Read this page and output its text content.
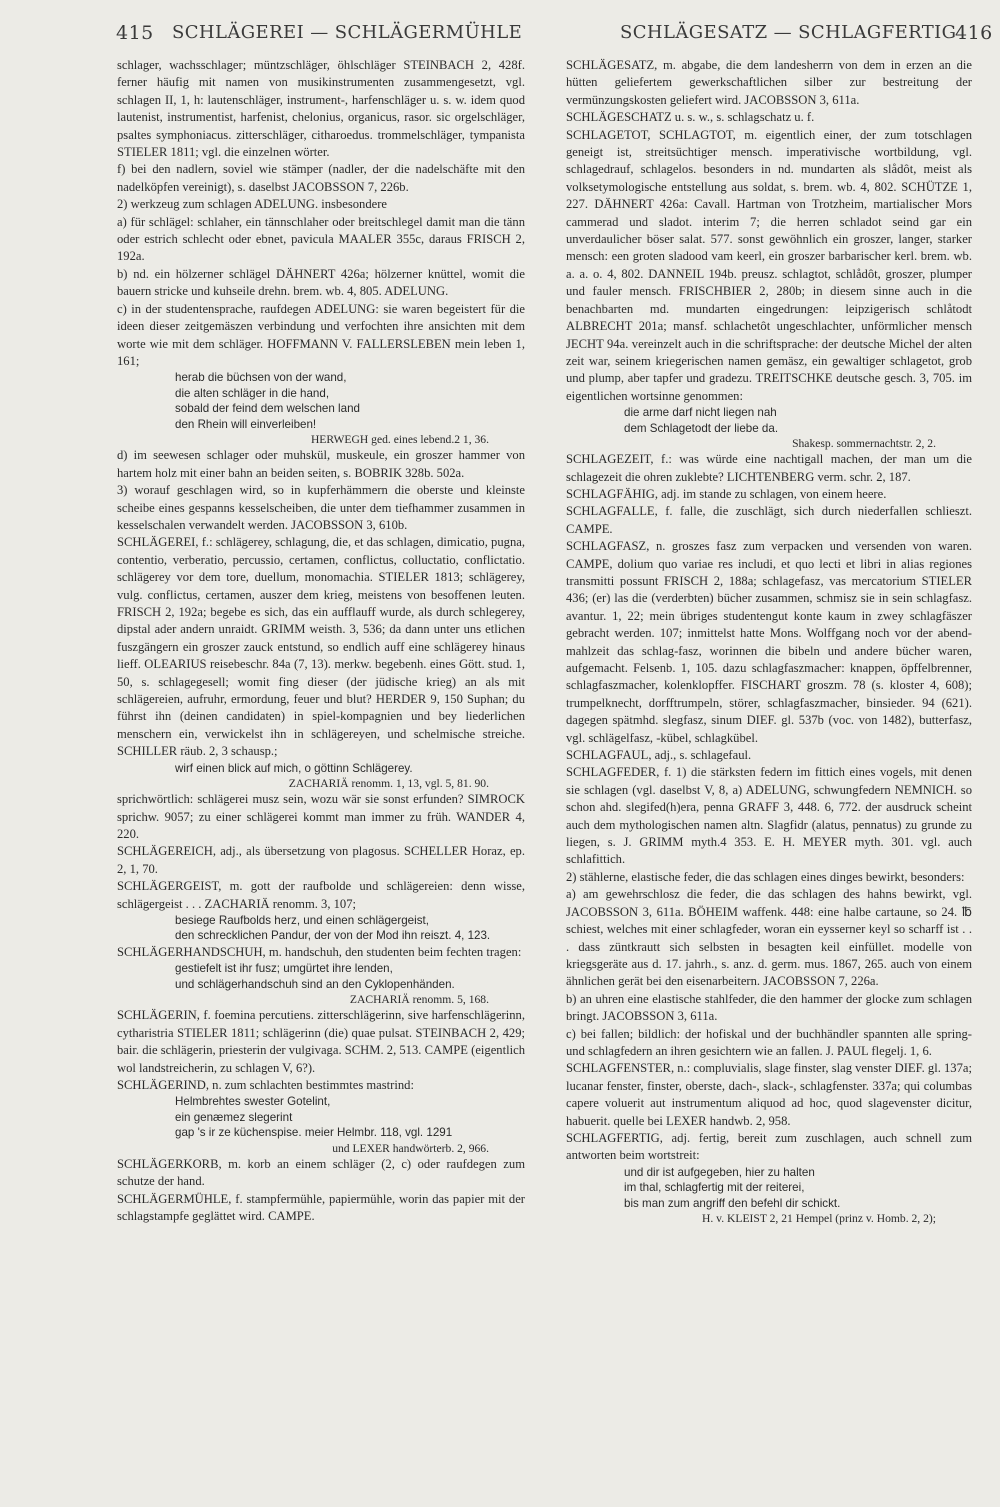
415 SCHLÄGEREI — SCHLÄGERMÜHLE	SCHLÄGESATZ — SCHLAGFERTIG
416

schlager, wachsschlager; müntzschläger, öhlschläger STEINBACH 2, 428f. ferner häufig mit namen von musikinstrumenten zusammengesetzt, vgl. schlagen II, 1, h: lautenschläger, instrument-, harfenschläger u. s. w. idem quod lautenist, instrumentist, harfenist, chelonius, organicus, rasor. sic orgelschläger, psaltes symphoniacus. zitterschläger, citharoedus. trommelschläger, tympanista STIELER 1811; vgl. die einzelnen wörter.

f) bei den nadlern, soviel wie stämper (nadler, der die nadelschäfte mit den nadelköpfen vereinigt), s. daselbst JACOBSSON 7, 226b.

2) werkzeug zum schlagen ADELUNG. insbesondere

a) für schlägel: schlaher, ein tännschlaher oder breitschlegel damit man die tänn oder estrich schlecht oder ebnet, pavicula MAALER 355c, daraus FRISCH 2, 192a.

b) nd. ein hölzerner schlägel DÄHNERT 426a; hölzerner knüttel, womit die bauern stricke und kuhseile drehn. brem. wb. 4, 805. ADELUNG.

c) in der studentensprache, raufdegen ADELUNG: sie waren begeistert für die ideen dieser zeitgemäszen verbindung und verfochten ihre ansichten mit dem worte wie mit dem schläger. HOFFMANN V. FALLERSLEBEN mein leben 1, 161;

herab die büchsen von der wand,

die alten schläger in die hand,

sobald der feind dem welschen land

den Rhein will einverleiben!

HERWEGH ged. eines lebend.2 1, 36.

d) im seewesen schlager oder muhskül, muskeule, ein groszer hammer von hartem holz mit einer bahn an beiden seiten, s. BOBRIK 328b. 502a.

3) worauf geschlagen wird, so in kupferhämmern die oberste und kleinste scheibe eines gespanns kesselscheiben, die unter dem tiefhammer zusammen in kesselschalen verwandelt werden. JACOBSSON 3, 610b.

SCHLÄGEREI, f.: schlägerey, schlagung, die, et das schlagen, dimicatio, pugna, contentio, verberatio, percussio, certamen, conflictus, colluctatio, conflictatio. schlägerey vor dem tore, duellum, monomachia. STIELER 1813; schlägerey, vulg. conflictus, certamen, auszer dem krieg, meistens von besoffenen leuten. FRISCH 2, 192a; begebe es sich, das ein aufflauff wurde, als durch schlegerey, dipstal ader andern unraidt. GRIMM weisth. 3, 536; da dann unter uns etlichen fuszgängern ein groszer zauck entstund, so endlich auff eine schlägerey hinaus lieff. OLEARIUS reisebeschr. 84a (7, 13). merkw. begebenh. eines Gött. stud. 1, 50, s. schlagegesell; womit fing dieser (der jüdische krieg) an als mit schlägereien, aufruhr, ermordung, feuer und blut? HERDER 9, 150 Suphan; du führst ihn (deinen candidaten) in spiel-kompagnien und bey liederlichen menschern ein, verwickelst ihn in schlägereyen, und schelmische streiche. SCHILLER räub. 2, 3 schausp.;

wirf einen blick auf mich, o göttinn Schlägerey.

ZACHARIÄ renomm. 1, 13, vgl. 5, 81. 90.

sprichwörtlich: schlägerei musz sein, wozu wär sie sonst erfunden? SIMROCK sprichw. 9057; zu einer schlägerei kommt man immer zu früh. WANDER 4, 220.

SCHLÄGEREICH, adj., als übersetzung von plagosus. SCHELLER Horaz, ep. 2, 1, 70.

SCHLÄGERGEIST, m. gott der raufbolde und schlägereien: denn wisse, schlägergeist . . . ZACHARIÄ renomm. 3, 107;

besiege Raufbolds herz, und einen schlägergeist,

den schrecklichen Pandur, der von der Mod ihn reiszt. 4, 123.

SCHLÄGERHANDSCHUH, m. handschuh, den studenten beim fechten tragen:

gestiefelt ist ihr fusz; umgürtet ihre lenden,

und schlägerhandschuh sind an den Cyklopenhänden.

ZACHARIÄ renomm. 5, 168.

SCHLÄGERIN, f. foemina percutiens. zitterschlägerinn, sive harfenschlägerinn, cytharistria STIELER 1811; schlägerinn (die) quae pulsat. STEINBACH 2, 429; bair. die schlägerin, priesterin der vulgivaga. SCHM. 2, 513. CAMPE (eigentlich wol landstreicherin, zu schlagen V, 6?).

SCHLÄGERIND, n. zum schlachten bestimmtes mastrind:

Helmbrehtes swester Gotelint,

ein genæmez slegerint

gap 's ir ze küchenspise. meier Helmbr. 118, vgl. 1291

und LEXER handwörterb. 2, 966.

SCHLÄGERKORB, m. korb an einem schläger (2, c) oder raufdegen zum schutze der hand.

SCHLÄGERMÜHLE, f. stampfermühle, papiermühle, worin das papier mit der schlagstampfe geglättet wird. CAMPE.

SCHLÄGESATZ, m. abgabe, die dem landesherrn von dem in erzen an die hütten geliefertem gewerkschaftlichen silber zur bestreitung der vermünzungskosten geliefert wird. JACOBSSON 3, 611a.

SCHLÄGESCHATZ u. s. w., s. schlagschatz u. f.

SCHLAGETOT, SCHLAGTOT, m. eigentlich einer, der zum totschlagen geneigt ist, streitsüchtiger mensch. imperativische wortbildung, vgl. schlagedrauf, schlagelos. besonders in nd. mundarten als slådôt, meist als volksetymologische entstellung aus soldat, s. brem. wb. 4, 802. SCHÜTZE 1, 227. DÄHNERT 426a: Cavall. Hartman von Trotzheim, martialischer Mors cammerad und sladot. interim 7; die herren schladot seind gar ein unverdaulicher böser salat. 577. sonst gewöhnlich ein groszer, langer, starker mensch: een groten sladood vam keerl, ein groszer barbarischer kerl. brem. wb. a. a. o. 4, 802. DANNEIL 194b. preusz. schlagtot, schlådôt, groszer, plumper und fauler mensch. FRISCHBIER 2, 280b; in diesem sinne auch in die benachbarten md. mundarten eingedrungen: leipzigerisch schlåtodt ALBRECHT 201a; mansf. schlachetôt ungeschlachter, unförmlicher mensch JECHT 94a. vereinzelt auch in die schriftsprache: der deutsche Michel der alten zeit war, seinem kriegerischen namen gemäsz, ein gewaltiger schlagetot, grob und plump, aber tapfer und gradezu. TREITSCHKE deutsche gesch. 3, 705. im eigentlichen wortsinne genommen:

die arme darf nicht liegen nah

dem Schlagetodt der liebe da.

Shakesp. sommernachtstr. 2, 2.

SCHLAGEZEIT, f.: was würde eine nachtigall machen, der man um die schlagezeit die ohren zuklebte? LICHTENBERG verm. schr. 2, 187.

SCHLAGFÄHIG, adj. im stande zu schlagen, von einem heere.

SCHLAGFALLE, f. falle, die zuschlägt, sich durch niederfallen schlieszt. CAMPE.

SCHLAGFASZ, n. groszes fasz zum verpacken und versenden von waren. CAMPE, dolium quo variae res includi, et quo lecti et libri in alias regiones transmitti possunt FRISCH 2, 188a; schlagefasz, vas mercatorium STIELER 436; (er) las die (verderbten) bücher zusammen, schmisz sie in sein schlagfasz. avantur. 1, 22; mein übriges studentengut konte kaum in zwey schlagfäszer gebracht werden. 107; inmittelst hatte Mons. Wolffgang noch vor der abend-mahlzeit das schlag-fasz, worinnen die bibeln und andere bücher waren, aufgemacht. Felsenb. 1, 105. dazu schlagfaszmacher: knappen, öpffelbrenner, schlagfaszmacher, kolenklopffer. FISCHART groszm. 78 (s. kloster 4, 608); trumpelknecht, dorfftrumpeln, störer, schlagfaszmacher, binsieder. 94 (621). dagegen spätmhd. slegfasz, sinum DIEF. gl. 537b (voc. von 1482), butterfasz, vgl. schlägelfasz, -kübel, schlagkübel.

SCHLAGFAUL, adj., s. schlagefaul.

SCHLAGFEDER, f. 1) die stärksten federn im fittich eines vogels, mit denen sie schlagen (vgl. daselbst V, 8, a) ADELUNG, schwungfedern NEMNICH. so schon ahd. slegifed(h)era, penna GRAFF 3, 448. 6, 772. der ausdruck scheint auch dem mythologischen namen altn. Slagfidr (alatus, pennatus) zu grunde zu liegen, s. J. GRIMM myth.4 353. E. H. MEYER myth. 301. vgl. auch schlafittich.

2) stählerne, elastische feder, die das schlagen eines dinges bewirkt, besonders:

a) am gewehrschlosz die feder, die das schlagen des hahns bewirkt, vgl. JACOBSSON 3, 611a. BÖHEIM waffenk. 448: eine halbe cartaune, so 24. ℔ schiest, welches mit einer schlagfeder, woran ein eysserner keyl so scharff ist . . . dass züntkrautt sich selbsten in besagten keil einfüllet. modelle von kriegsgeräte aus d. 17. jahrh., s. anz. d. germ. mus. 1867, 265. auch von einem ähnlichen gerät bei den eisenarbeitern. JACOBSSON 7, 226a.

b) an uhren eine elastische stahlfeder, die den hammer der glocke zum schlagen bringt. JACOBSSON 3, 611a.

c) bei fallen; bildlich: der hofiskal und der buchhändler spannten alle spring- und schlagfedern an ihren gesichtern wie an fallen. J. PAUL flegelj. 1, 6.

SCHLAGFENSTER, n.: compluvialis, slage finster, slag venster DIEF. gl. 137a; lucanar fenster, finster, oberste, dach-, slack-, schlagfenster. 337a; qui columbas capere voluerit aut instrumentum aliquod ad hoc, quod slagevenster dicitur, habuerit. quelle bei LEXER handwb. 2, 958.

SCHLAGFERTIG, adj. fertig, bereit zum zuschlagen, auch schnell zum antworten beim wortstreit:

und dir ist aufgegeben, hier zu halten

im thal, schlagfertig mit der reiterei,

bis man zum angriff den befehl dir schickt.

H. v. KLEIST 2, 21 Hempel (prinz v. Homb. 2, 2);
